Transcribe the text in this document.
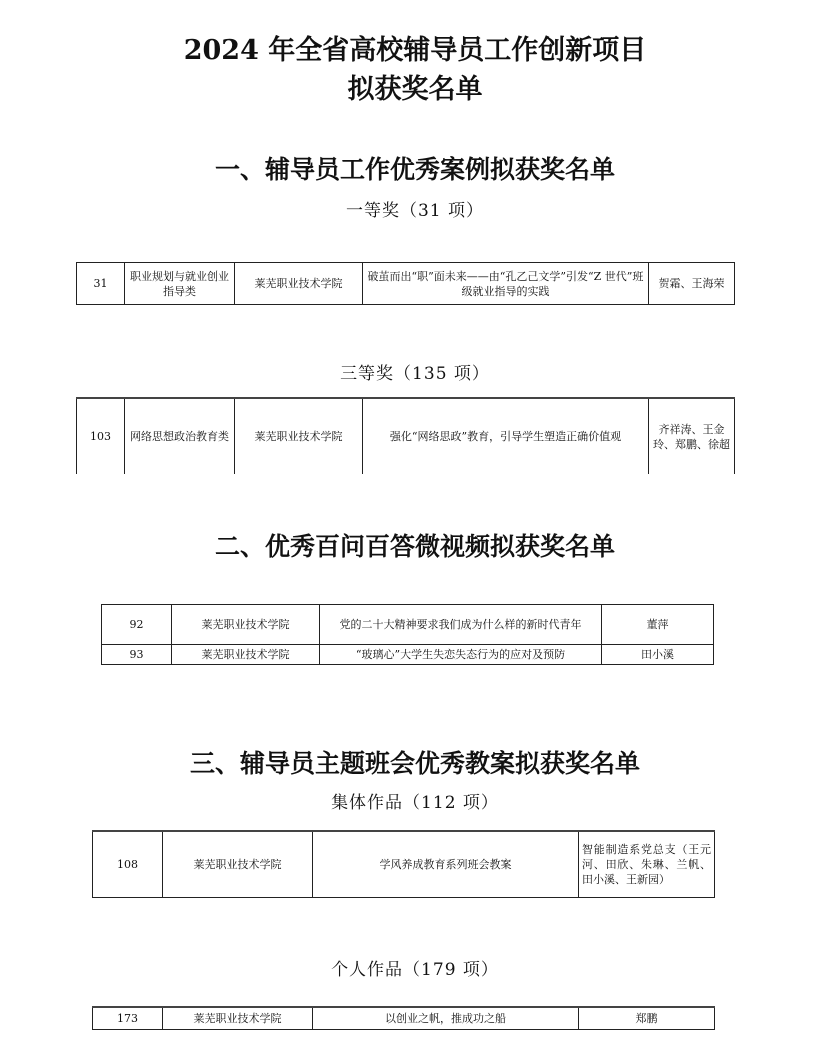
2024 年全省高校辅导员工作创新项目
拟获奖名单
一、辅导员工作优秀案例拟获奖名单
一等奖（31 项）
31	职业规划与就业创业指导类	莱芜职业技术学院	破茧而出“职”面未来——由“孔乙己文学”引发“Z 世代”班级就业指导的实践	贺霜、王海荣
三等奖（135 项）
103	网络思想政治教育类	莱芜职业技术学院	强化“网络思政”教育，引导学生塑造正确价值观	齐祥涛、王金玲、郑鹏、徐超
二、优秀百问百答微视频拟获奖名单
92	莱芜职业技术学院	党的二十大精神要求我们成为什么样的新时代青年	董萍
93	莱芜职业技术学院	“玻璃心”大学生失恋失态行为的应对及预防	田小溪
三、辅导员主题班会优秀教案拟获奖名单
集体作品（112 项）
108	莱芜职业技术学院	学风养成教育系列班会教案	智能制造系党总支（王元河、田欣、朱琳、兰帆、田小溪、王新园）
个人作品（179 项）
173	莱芜职业技术学院	以创业之帆，推成功之船	郑鹏
